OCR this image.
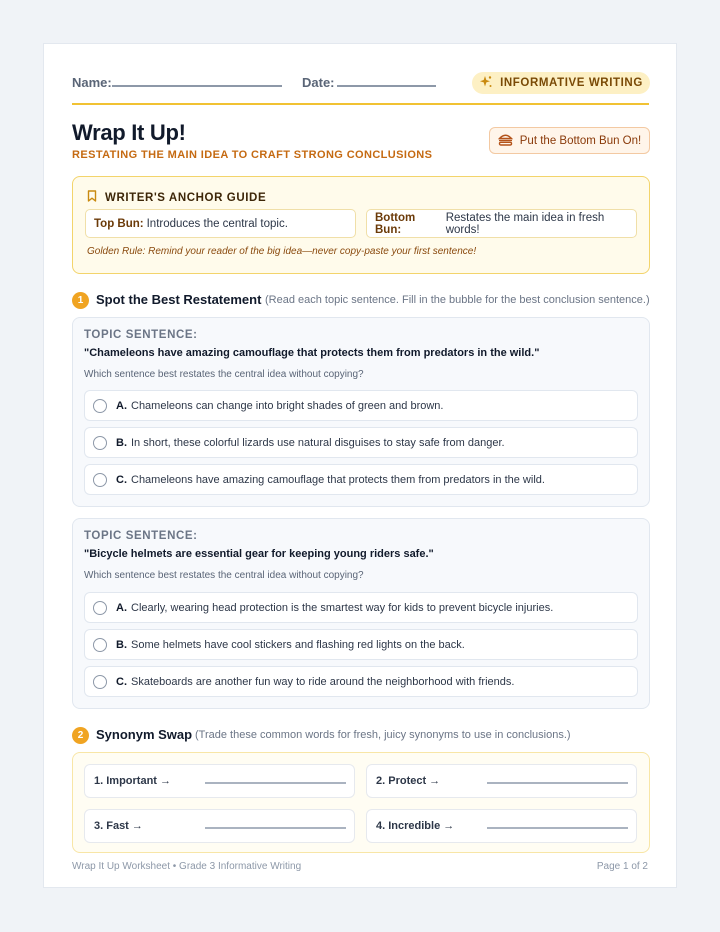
Name:	Date:	INFORMATIVE WRITING
Wrap It Up!
RESTATING THE MAIN IDEA TO CRAFT STRONG CONCLUSIONS
Put the Bottom Bun On!
WRITER'S ANCHOR GUIDE
Top Bun: Introduces the central topic.	Bottom Bun:
Restates the main idea in fresh words!
Golden Rule: Remind your reader of the big idea—never copy-paste your first sentence!
1 Spot the Best Restatement (Read each topic sentence. Fill in the bubble for the best conclusion sentence.)
TOPIC SENTENCE:
"Chameleons have amazing camouflage that protects them from predators in the wild."
Which sentence best restates the central idea without copying?
A. Chameleons can change into bright shades of green and brown.
B. In short, these colorful lizards use natural disguises to stay safe from danger.
C. Chameleons have amazing camouflage that protects them from predators in the wild.
TOPIC SENTENCE:
"Bicycle helmets are essential gear for keeping young riders safe."
Which sentence best restates the central idea without copying?
A. Clearly, wearing head protection is the smartest way for kids to prevent bicycle injuries.
B. Some helmets have cool stickers and flashing red lights on the back.
C. Skateboards are another fun way to ride around the neighborhood with friends.
2 Synonym Swap (Trade these common words for fresh, juicy synonyms to use in conclusions.)
1. Important →	2. Protect →
3. Fast →	4. Incredible →
Wrap It Up Worksheet • Grade 3 Informative Writing	Page 1 of 2
